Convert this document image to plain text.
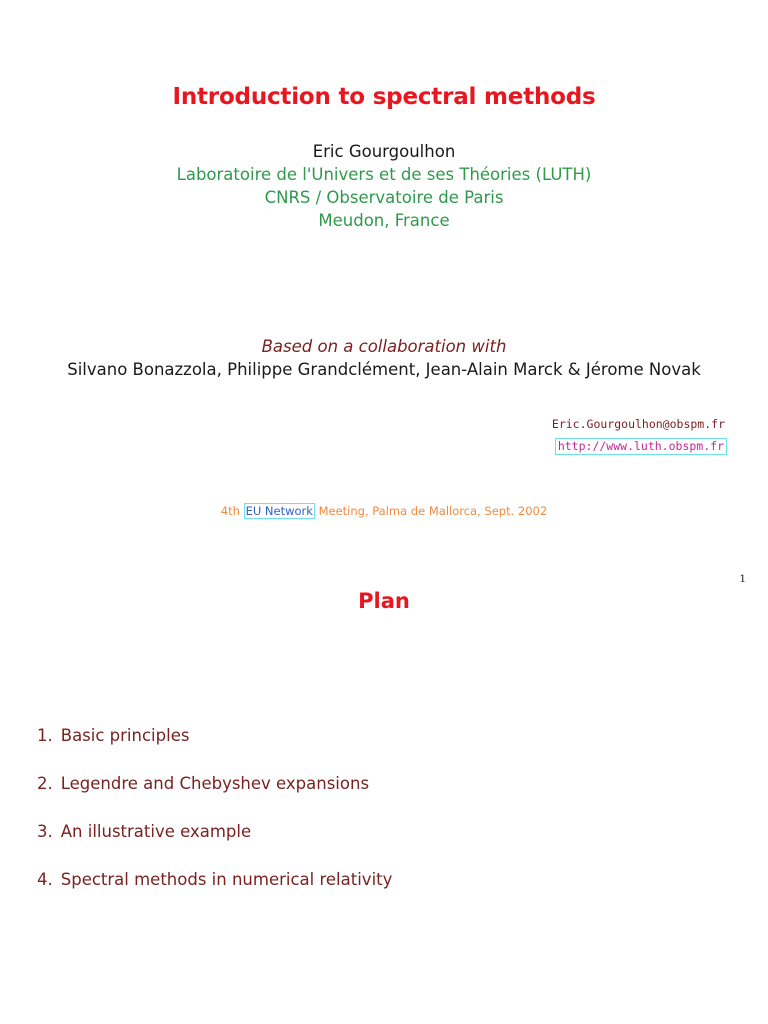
Introduction to spectral methods
Eric Gourgoulhon
Laboratoire de l'Univers et de ses Théories (LUTH)
CNRS / Observatoire de Paris
Meudon, France
Based on a collaboration with
Silvano Bonazzola, Philippe Grandclément, Jean-Alain Marck & Jérome Novak
Eric.Gourgoulhon@obspm.fr
http://www.luth.obspm.fr
4th EU Network Meeting, Palma de Mallorca, Sept. 2002
1
Plan
1. Basic principles
2. Legendre and Chebyshev expansions
3. An illustrative example
4. Spectral methods in numerical relativity
